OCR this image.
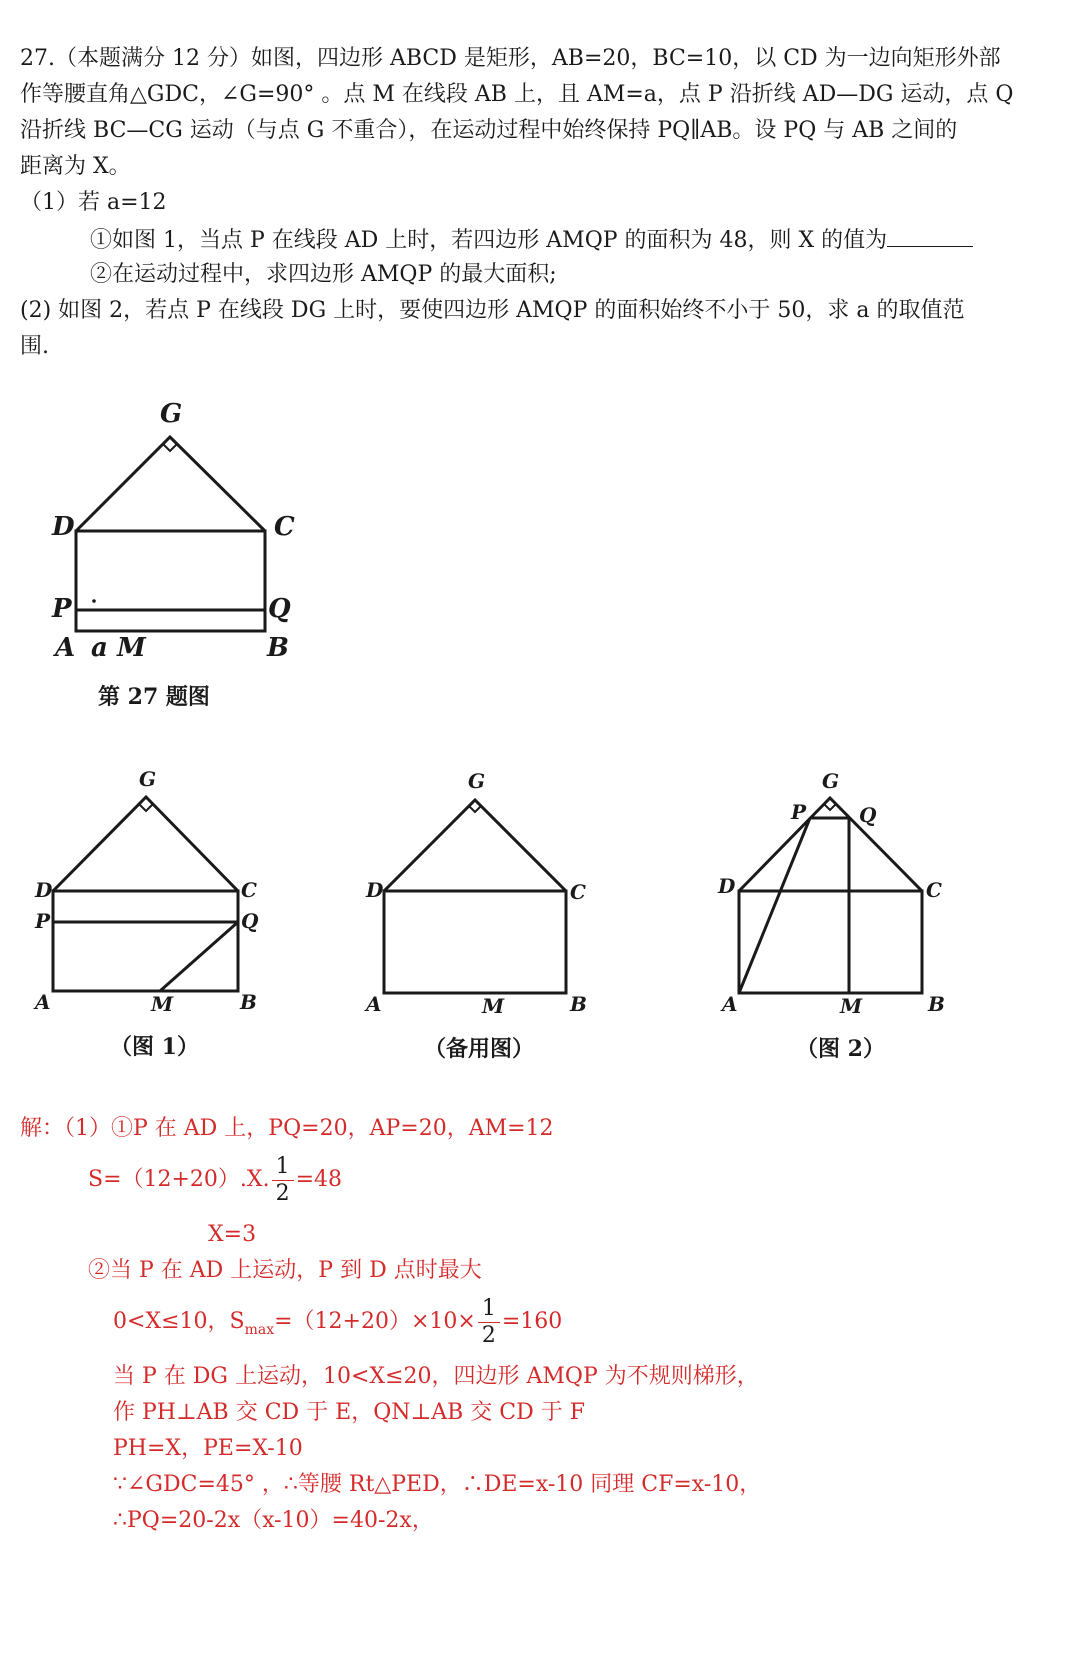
27.（本题满分 12 分）如图，四边形 ABCD 是矩形，AB=20，BC=10，以 CD 为一边向矩形外部
作等腰直角△GDC，∠G=90° 。点 M 在线段 AB 上，且 AM=a，点 P 沿折线 AD—DG 运动，点 Q
沿折线 BC—CG 运动（与点 G 不重合），在运动过程中始终保持 PQ∥AB。设 PQ 与 AB 之间的
距离为 X。
（1）若 a=12
①如图 1，当点 P 在线段 AD 上时，若四边形 AMQP 的面积为 48，则 X 的值为
②在运动过程中，求四边形 AMQP 的最大面积;
(2) 如图 2，若点 P 在线段 DG 上时，要使四边形 AMQP 的面积始终不小于 50，求 a 的取值范
围.
G
D	C
P	Q
A a M	B
G
D	C
P	Q
A	M	B
G
D	C
A	M	B
G
P	Q
D	C
A	M	B
第 27 题图
（图 1）	（备用图）	（图 2）
解：（1）①P 在 AD 上，PQ=20，AP=20，AM=12
S=（12+20）.X. $\frac{1}{2} =48$
X=3
②当 P 在 AD 上运动，P 到 D 点时最大
0<X≤10，$S_{max}=(12+20)\times 10\times \frac{1}{2} =160$
当 P 在 DG 上运动，10<X≤20，四边形 AMQP 为不规则梯形，
作 PH⊥AB 交 CD 于 E，QN⊥AB 交 CD 于 F
PH=X，PE=X-10
∵∠GDC=45° ，∴等腰 Rt△PED，∴DE=x-10 同理 CF=x-10，
∴PQ=20-2x（x-10）=40-2x，
